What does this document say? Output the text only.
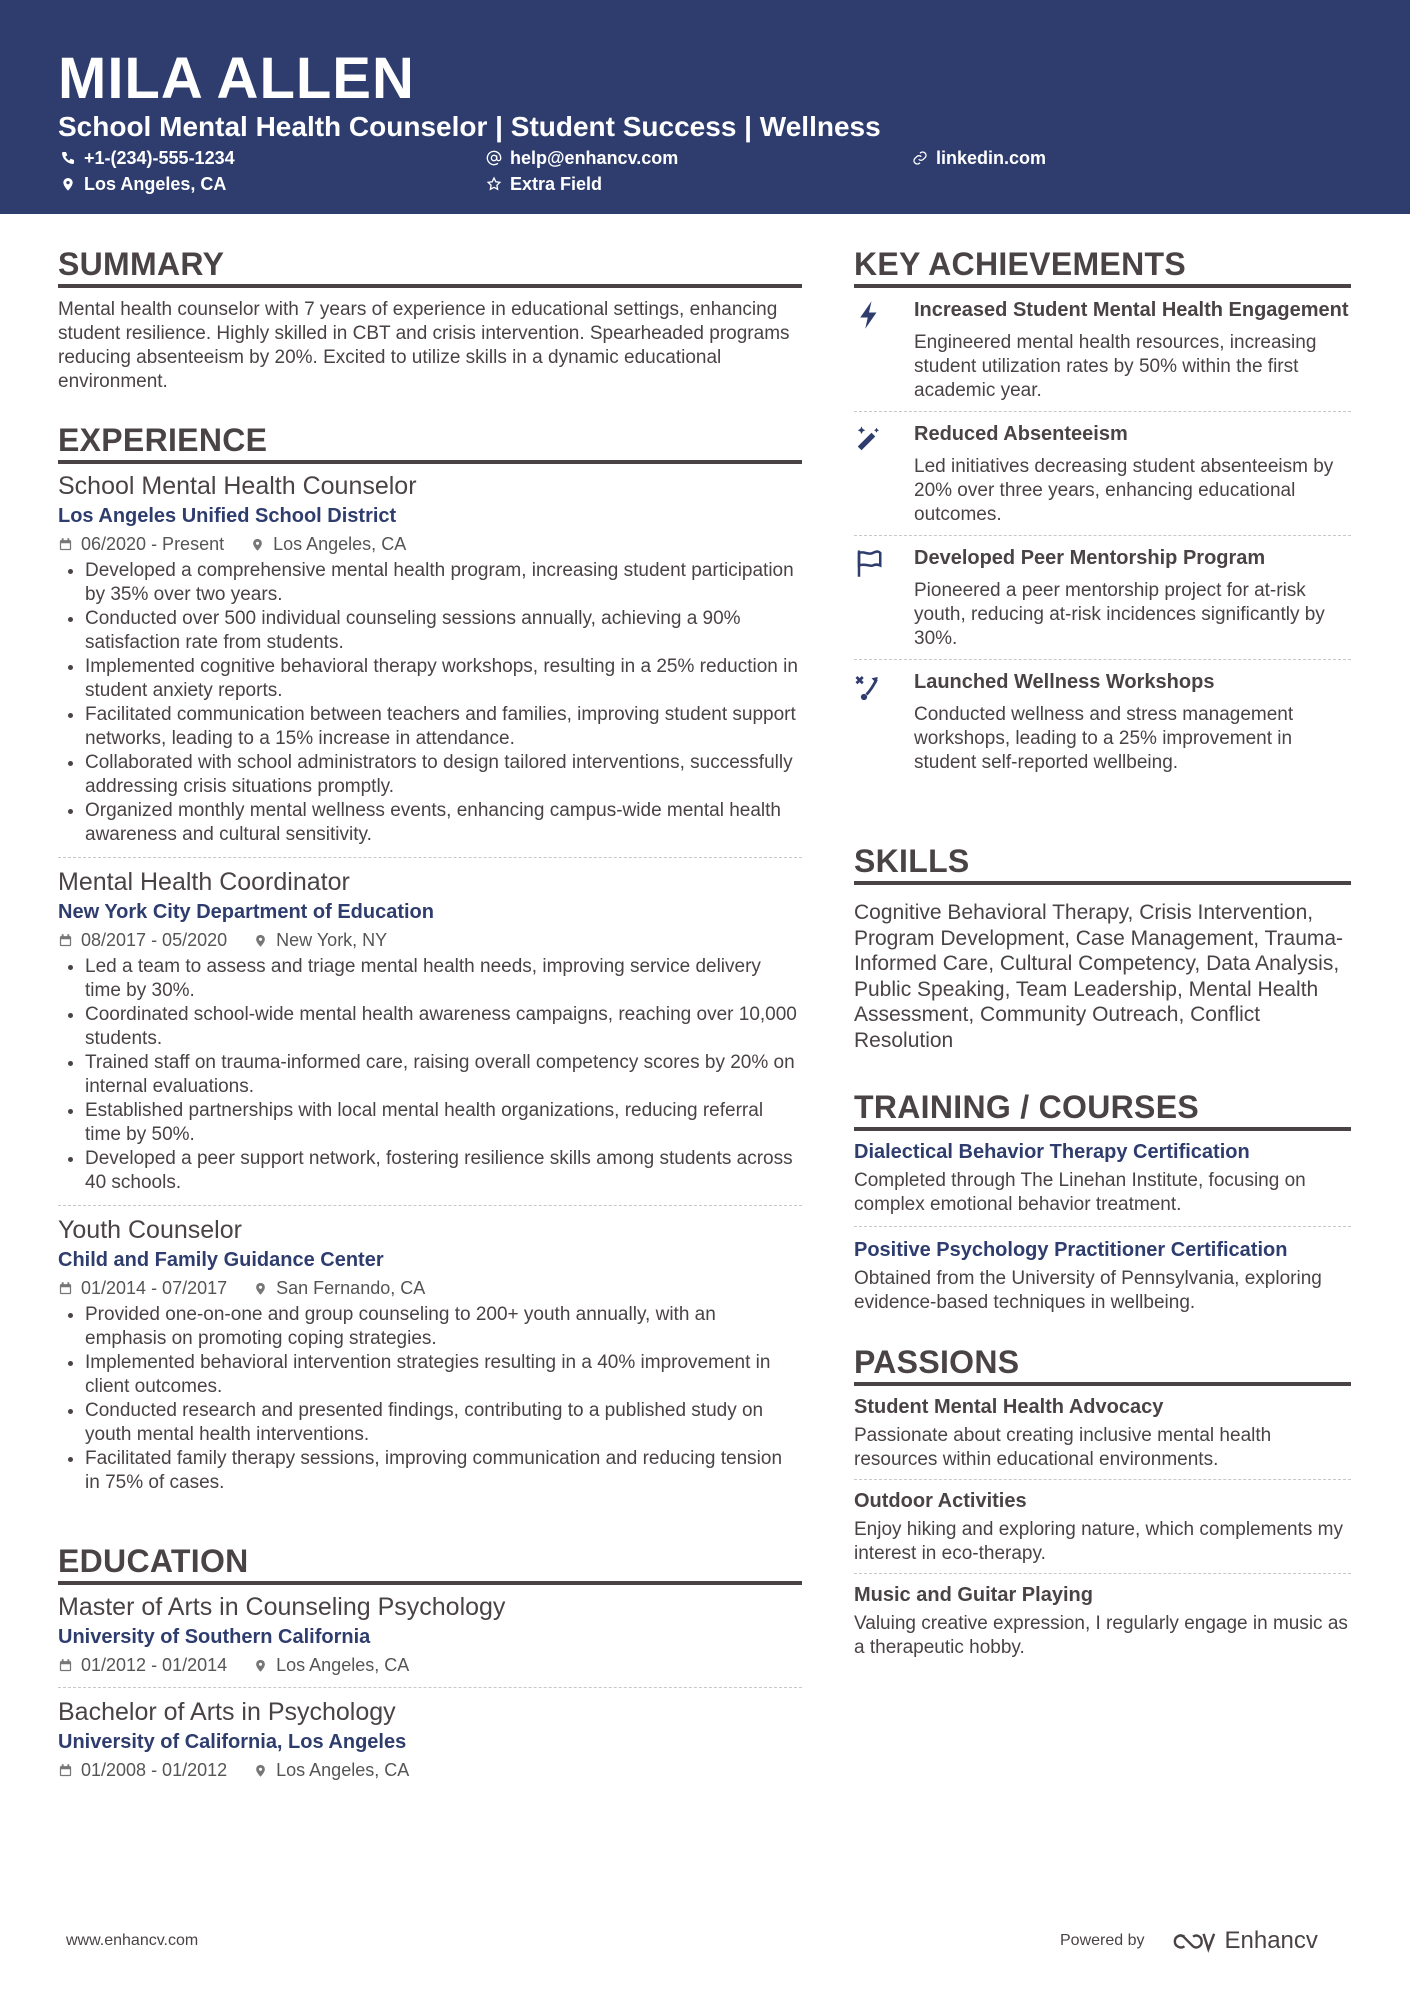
MILA ALLEN
School Mental Health Counselor | Student Success | Wellness
+1-(234)-555-1234	help@enhancv.com	linkedin.com
Los Angeles, CA	Extra Field
SUMMARY
Mental health counselor with 7 years of experience in educational settings, enhancing student resilience. Highly skilled in CBT and crisis intervention. Spearheaded programs reducing absenteeism by 20%. Excited to utilize skills in a dynamic educational environment.
EXPERIENCE
School Mental Health Counselor
Los Angeles Unified School District
06/2020 - Present	Los Angeles, CA
Developed a comprehensive mental health program, increasing student participation by 35% over two years.
Conducted over 500 individual counseling sessions annually, achieving a 90% satisfaction rate from students.
Implemented cognitive behavioral therapy workshops, resulting in a 25% reduction in student anxiety reports.
Facilitated communication between teachers and families, improving student support networks, leading to a 15% increase in attendance.
Collaborated with school administrators to design tailored interventions, successfully addressing crisis situations promptly.
Organized monthly mental wellness events, enhancing campus-wide mental health awareness and cultural sensitivity.
Mental Health Coordinator
New York City Department of Education
08/2017 - 05/2020	New York, NY
Led a team to assess and triage mental health needs, improving service delivery time by 30%.
Coordinated school-wide mental health awareness campaigns, reaching over 10,000 students.
Trained staff on trauma-informed care, raising overall competency scores by 20% on internal evaluations.
Established partnerships with local mental health organizations, reducing referral time by 50%.
Developed a peer support network, fostering resilience skills among students across 40 schools.
Youth Counselor
Child and Family Guidance Center
01/2014 - 07/2017	San Fernando, CA
Provided one-on-one and group counseling to 200+ youth annually, with an emphasis on promoting coping strategies.
Implemented behavioral intervention strategies resulting in a 40% improvement in client outcomes.
Conducted research and presented findings, contributing to a published study on youth mental health interventions.
Facilitated family therapy sessions, improving communication and reducing tension in 75% of cases.
EDUCATION
Master of Arts in Counseling Psychology
University of Southern California
01/2012 - 01/2014	Los Angeles, CA
Bachelor of Arts in Psychology
University of California, Los Angeles
01/2008 - 01/2012	Los Angeles, CA
KEY ACHIEVEMENTS
Increased Student Mental Health Engagement
Engineered mental health resources, increasing student utilization rates by 50% within the first academic year.
Reduced Absenteeism
Led initiatives decreasing student absenteeism by 20% over three years, enhancing educational outcomes.
Developed Peer Mentorship Program
Pioneered a peer mentorship project for at-risk youth, reducing at-risk incidences significantly by 30%.
Launched Wellness Workshops
Conducted wellness and stress management workshops, leading to a 25% improvement in student self-reported wellbeing.
SKILLS
Cognitive Behavioral Therapy, Crisis Intervention, Program Development, Case Management, Trauma-Informed Care, Cultural Competency, Data Analysis, Public Speaking, Team Leadership, Mental Health Assessment, Community Outreach, Conflict Resolution
TRAINING / COURSES
Dialectical Behavior Therapy Certification
Completed through The Linehan Institute, focusing on complex emotional behavior treatment.
Positive Psychology Practitioner Certification
Obtained from the University of Pennsylvania, exploring evidence-based techniques in wellbeing.
PASSIONS
Student Mental Health Advocacy
Passionate about creating inclusive mental health resources within educational environments.
Outdoor Activities
Enjoy hiking and exploring nature, which complements my interest in eco-therapy.
Music and Guitar Playing
Valuing creative expression, I regularly engage in music as a therapeutic hobby.
www.enhancv.com	Powered by	Enhancv
